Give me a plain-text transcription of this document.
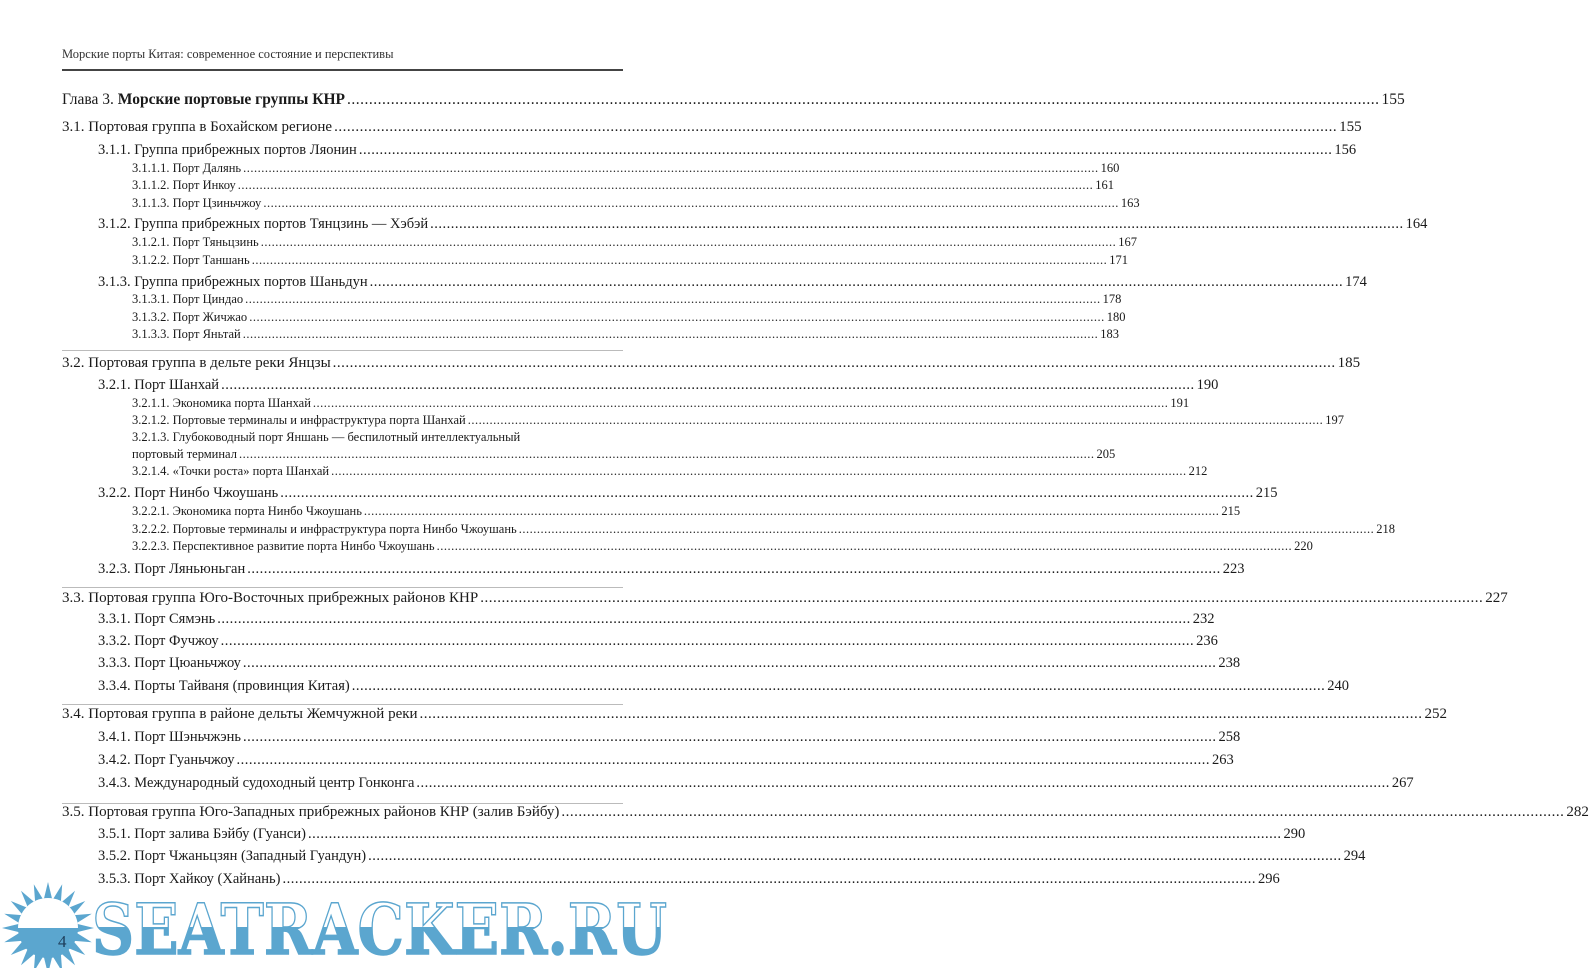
Морские порты Китая: современное состояние и перспективы
Глава 3. Морские портовые группы КНР .....	155
3.1. Портовая группа в Бохайском регионе .....	155
3.1.1. Группа прибрежных портов Ляонин .....	156
3.1.1.1. Порт Далянь .....	160
3.1.1.2. Порт Инкоу .....	161
3.1.1.3. Порт Цзиньчжоу .....	163
3.1.2. Группа прибрежных портов Тянцзинь — Хэбэй .....	164
3.1.2.1. Порт Тяньцзинь .....	167
3.1.2.2. Порт Таншань .....	171
3.1.3. Группа прибрежных портов Шаньдун .....	174
3.1.3.1. Порт Циндао .....	178
3.1.3.2. Порт Жичжао .....	180
3.1.3.3. Порт Яньтай .....	183
3.2. Портовая группа в дельте реки Янцзы .....	185
3.2.1. Порт Шанхай .....	190
3.2.1.1. Экономика порта Шанхай .....	191
3.2.1.2. Портовые терминалы и инфраструктура порта Шанхай .....	197
3.2.1.3. Глубоководный порт Яншань — беспилотный интеллектуальный
портовый терминал .....	205
3.2.1.4. «Точки роста» порта Шанхай .....	212
3.2.2. Порт Нинбо Чжоушань .....	215
3.2.2.1. Экономика порта Нинбо Чжоушань .....	215
3.2.2.2. Портовые терминалы и инфраструктура порта Нинбо Чжоушань .....	218
3.2.2.3. Перспективное развитие порта Нинбо Чжоушань .....	220
3.2.3. Порт Ляньюньган .....	223
3.3. Портовая группа Юго-Восточных прибрежных районов КНР .....	227
3.3.1. Порт Сямэнь .....	232
3.3.2. Порт Фучжоу .....	236
3.3.3. Порт Цюаньчжоу .....	238
3.3.4. Порты Тайваня (провинция Китая) .....	240
3.4. Портовая группа в районе дельты Жемчужной реки .....	252
3.4.1. Порт Шэньчжэнь .....	258
3.4.2. Порт Гуаньчжоу .....	263
3.4.3. Международный судоходный центр Гонконга .....	267
3.5. Портовая группа Юго-Западных прибрежных районов КНР (залив Бэйбу) .....	282
3.5.1. Порт залива Бэйбу (Гуанси) .....	290
3.5.2. Порт Чжаньцзян (Западный Гуандун) .....	294
3.5.3. Порт Хайкоу (Хайнань) .....	296
4 SEATRACKER.RU
